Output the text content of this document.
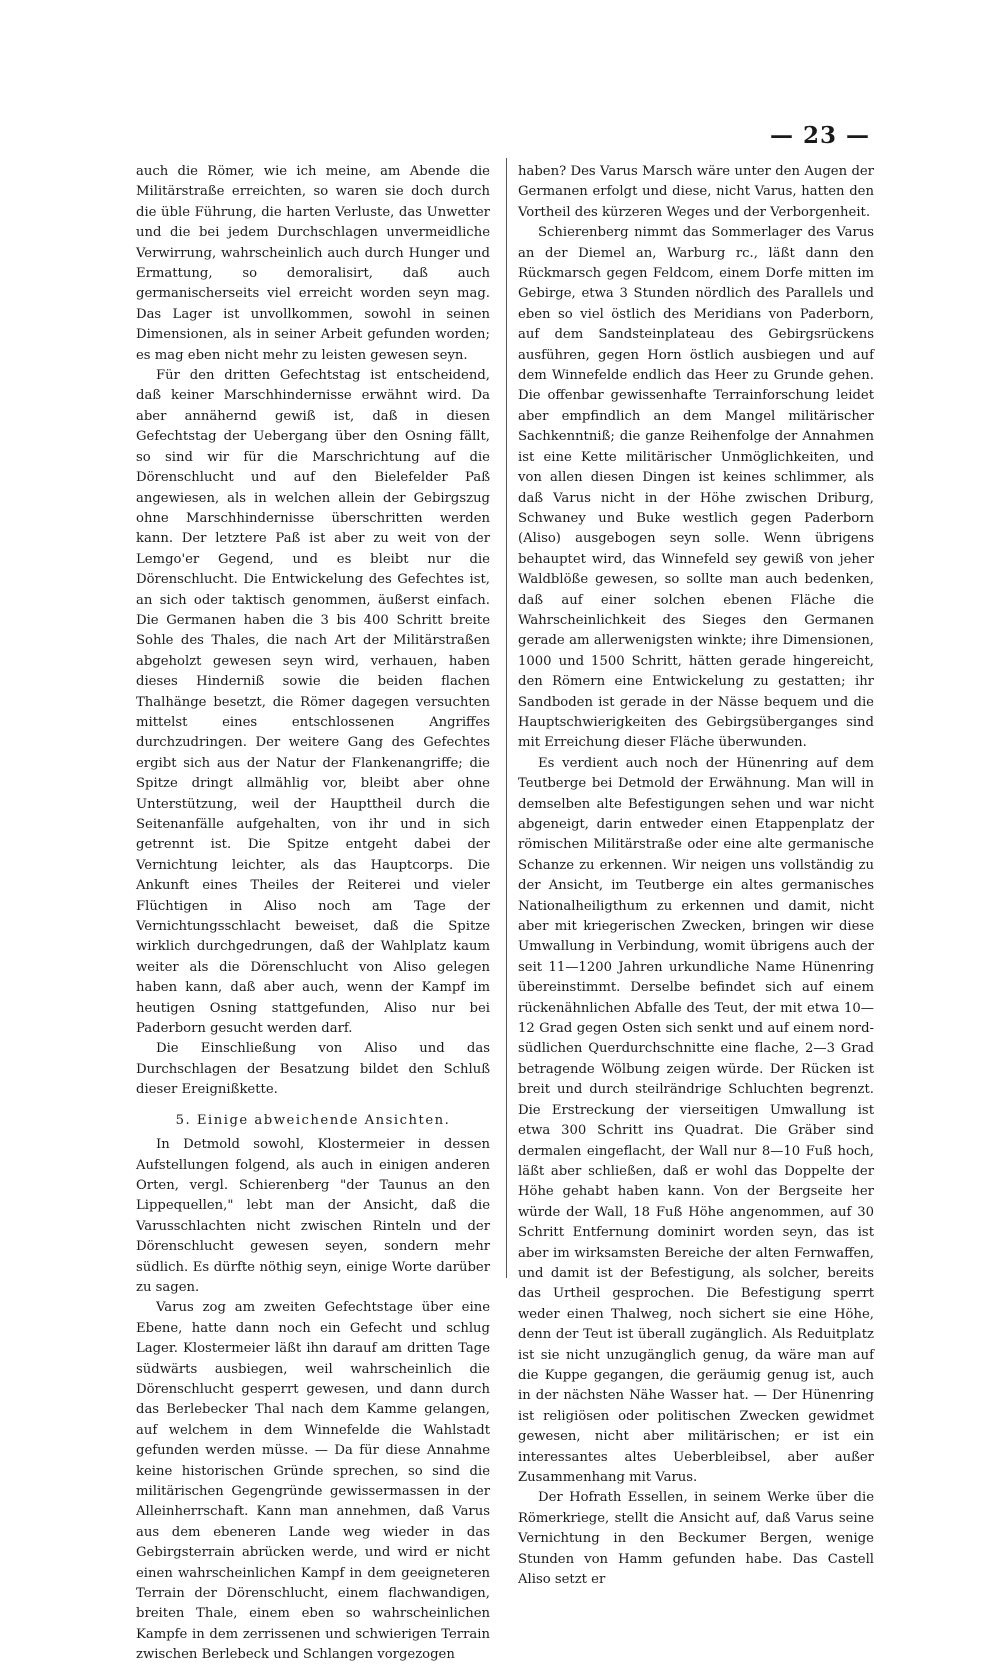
— 23 —

auch die Römer, wie ich meine, am Abende die Militärstraße erreichten, so waren sie doch durch die üble Führung, die harten Verluste, das Unwetter und die bei jedem Durchschlagen unvermeidliche Verwirrung, wahrscheinlich auch durch Hunger und Ermattung, so demoralisirt, daß auch germanischerseits viel erreicht worden seyn mag. Das Lager ist unvollkommen, sowohl in seinen Dimensionen, als in seiner Arbeit gefunden worden; es mag eben nicht mehr zu leisten gewesen seyn.

Für den dritten Gefechtstag ist entscheidend, daß keiner Marschhindernisse erwähnt wird. Da aber annähernd gewiß ist, daß in diesen Gefechtstag der Uebergang über den Osning fällt, so sind wir für die Marschrichtung auf die Dörenschlucht und auf den Bielefelder Paß angewiesen, als in welchen allein der Gebirgszug ohne Marschhindernisse überschritten werden kann. Der letztere Paß ist aber zu weit von der Lemgo'er Gegend, und es bleibt nur die Dörenschlucht. Die Entwickelung des Gefechtes ist, an sich oder taktisch genommen, äußerst einfach. Die Germanen haben die 3 bis 400 Schritt breite Sohle des Thales, die nach Art der Militärstraßen abgeholzt gewesen seyn wird, verhauen, haben dieses Hinderniß sowie die beiden flachen Thalhänge besetzt, die Römer dagegen versuchten mittelst eines entschlossenen Angriffes durchzudringen. Der weitere Gang des Gefechtes ergibt sich aus der Natur der Flankenangriffe; die Spitze dringt allmählig vor, bleibt aber ohne Unterstützung, weil der Haupttheil durch die Seitenanfälle aufgehalten, von ihr und in sich getrennt ist. Die Spitze entgeht dabei der Vernichtung leichter, als das Hauptcorps. Die Ankunft eines Theiles der Reiterei und vieler Flüchtigen in Aliso noch am Tage der Vernichtungsschlacht beweiset, daß die Spitze wirklich durchgedrungen, daß der Wahlplatz kaum weiter als die Dörenschlucht von Aliso gelegen haben kann, daß aber auch, wenn der Kampf im heutigen Osning stattgefunden, Aliso nur bei Paderborn gesucht werden darf.

Die Einschließung von Aliso und das Durchschlagen der Besatzung bildet den Schluß dieser Ereignißkette.

5. Einige abweichende Ansichten.

In Detmold sowohl, Klostermeier in dessen Aufstellungen folgend, als auch in einigen anderen Orten, vergl. Schierenberg "der Taunus an den Lippequellen," lebt man der Ansicht, daß die Varusschlachten nicht zwischen Rinteln und der Dörenschlucht gewesen seyen, sondern mehr südlich. Es dürfte nöthig seyn, einige Worte darüber zu sagen.

Varus zog am zweiten Gefechtstage über eine Ebene, hatte dann noch ein Gefecht und schlug Lager. Klostermeier läßt ihn darauf am dritten Tage südwärts ausbiegen, weil wahrscheinlich die Dörenschlucht gesperrt gewesen, und dann durch das Berlebecker Thal nach dem Kamme gelangen, auf welchem in dem Winnefelde die Wahlstadt gefunden werden müsse. — Da für diese Annahme keine historischen Gründe sprechen, so sind die militärischen Gegengründe gewissermassen in der Alleinherrschaft. Kann man annehmen, daß Varus aus dem ebeneren Lande weg wieder in das Gebirgsterrain abrücken werde, und wird er nicht einen wahrscheinlichen Kampf in dem geeigneteren Terrain der Dörenschlucht, einem flachwandigen, breiten Thale, einem eben so wahrscheinlichen Kampfe in dem zerrissenen und schwierigen Terrain zwischen Berlebeck und Schlangen vorgezogen

haben? Des Varus Marsch wäre unter den Augen der Germanen erfolgt und diese, nicht Varus, hatten den Vortheil des kürzeren Weges und der Verborgenheit.

Schierenberg nimmt das Sommerlager des Varus an der Diemel an, Warburg rc., läßt dann den Rückmarsch gegen Feldcom, einem Dorfe mitten im Gebirge, etwa 3 Stunden nördlich des Parallels und eben so viel östlich des Meridians von Paderborn, auf dem Sandsteinplateau des Gebirgsrückens ausführen, gegen Horn östlich ausbiegen und auf dem Winnefelde endlich das Heer zu Grunde gehen. Die offenbar gewissenhafte Terrainforschung leidet aber empfindlich an dem Mangel militärischer Sachkenntniß; die ganze Reihenfolge der Annahmen ist eine Kette militärischer Unmöglichkeiten, und von allen diesen Dingen ist keines schlimmer, als daß Varus nicht in der Höhe zwischen Driburg, Schwaney und Buke westlich gegen Paderborn (Aliso) ausgebogen seyn solle. Wenn übrigens behauptet wird, das Winnefeld sey gewiß von jeher Waldblöße gewesen, so sollte man auch bedenken, daß auf einer solchen ebenen Fläche die Wahrscheinlichkeit des Sieges den Germanen gerade am allerwenigsten winkte; ihre Dimensionen, 1000 und 1500 Schritt, hätten gerade hingereicht, den Römern eine Entwickelung zu gestatten; ihr Sandboden ist gerade in der Nässe bequem und die Hauptschwierigkeiten des Gebirgsüberganges sind mit Erreichung dieser Fläche überwunden.

Es verdient auch noch der Hünenring auf dem Teutberge bei Detmold der Erwähnung. Man will in demselben alte Befestigungen sehen und war nicht abgeneigt, darin entweder einen Etappenplatz der römischen Militärstraße oder eine alte germanische Schanze zu erkennen. Wir neigen uns vollständig zu der Ansicht, im Teutberge ein altes germanisches Nationalheiligthum zu erkennen und damit, nicht aber mit kriegerischen Zwecken, bringen wir diese Umwallung in Verbindung, womit übrigens auch der seit 11—1200 Jahren urkundliche Name Hünenring übereinstimmt. Derselbe befindet sich auf einem rückenähnlichen Abfalle des Teut, der mit etwa 10—12 Grad gegen Osten sich senkt und auf einem nord-südlichen Querdurchschnitte eine flache, 2—3 Grad betragende Wölbung zeigen würde. Der Rücken ist breit und durch steilrändrige Schluchten begrenzt. Die Erstreckung der vierseitigen Umwallung ist etwa 300 Schritt ins Quadrat. Die Gräber sind dermalen eingeflacht, der Wall nur 8—10 Fuß hoch, läßt aber schließen, daß er wohl das Doppelte der Höhe gehabt haben kann. Von der Bergseite her würde der Wall, 18 Fuß Höhe angenommen, auf 30 Schritt Entfernung dominirt worden seyn, das ist aber im wirksamsten Bereiche der alten Fernwaffen, und damit ist der Befestigung, als solcher, bereits das Urtheil gesprochen. Die Befestigung sperrt weder einen Thalweg, noch sichert sie eine Höhe, denn der Teut ist überall zugänglich. Als Reduitplatz ist sie nicht unzugänglich genug, da wäre man auf die Kuppe gegangen, die geräumig genug ist, auch in der nächsten Nähe Wasser hat. — Der Hünenring ist religiösen oder politischen Zwecken gewidmet gewesen, nicht aber militärischen; er ist ein interessantes altes Ueberbleibsel, aber außer Zusammenhang mit Varus.

Der Hofrath Essellen, in seinem Werke über die Römerkriege, stellt die Ansicht auf, daß Varus seine Vernichtung in den Beckumer Bergen, wenige Stunden von Hamm gefunden habe. Das Castell Aliso setzt er
